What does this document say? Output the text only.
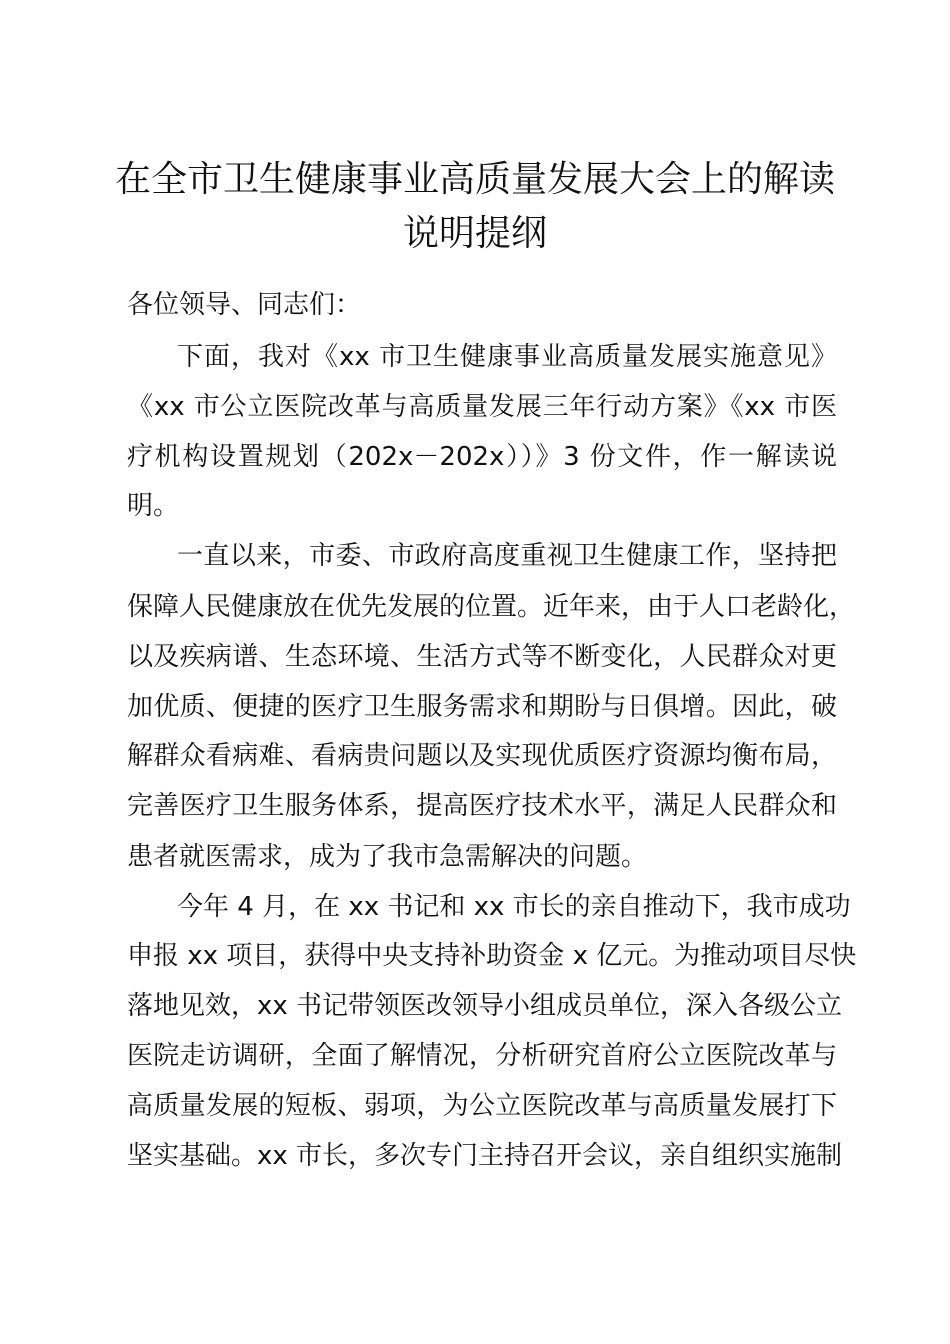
在全市卫生健康事业高质量发展大会上的解读
说明提纲

各位领导、同志们：

下面，我对《xx 市卫生健康事业高质量发展实施意见》

《xx 市公立医院改革与高质量发展三年行动方案》《xx 市医

疗机构设置规划（202x－202x））》3 份文件，作一解读说

明。

一直以来，市委、市政府高度重视卫生健康工作，坚持把

保障人民健康放在优先发展的位置。近年来，由于人口老龄化，

以及疾病谱、生态环境、生活方式等不断变化，人民群众对更

加优质、便捷的医疗卫生服务需求和期盼与日俱增。因此，破

解群众看病难、看病贵问题以及实现优质医疗资源均衡布局，

完善医疗卫生服务体系，提高医疗技术水平，满足人民群众和

患者就医需求，成为了我市急需解决的问题。

今年 4 月，在 xx 书记和 xx 市长的亲自推动下，我市成功

申报 xx 项目，获得中央支持补助资金 x 亿元。为推动项目尽快

落地见效，xx 书记带领医改领导小组成员单位，深入各级公立

医院走访调研，全面了解情况，分析研究首府公立医院改革与

高质量发展的短板、弱项，为公立医院改革与高质量发展打下

坚实基础。xx 市长，多次专门主持召开会议，亲自组织实施制
